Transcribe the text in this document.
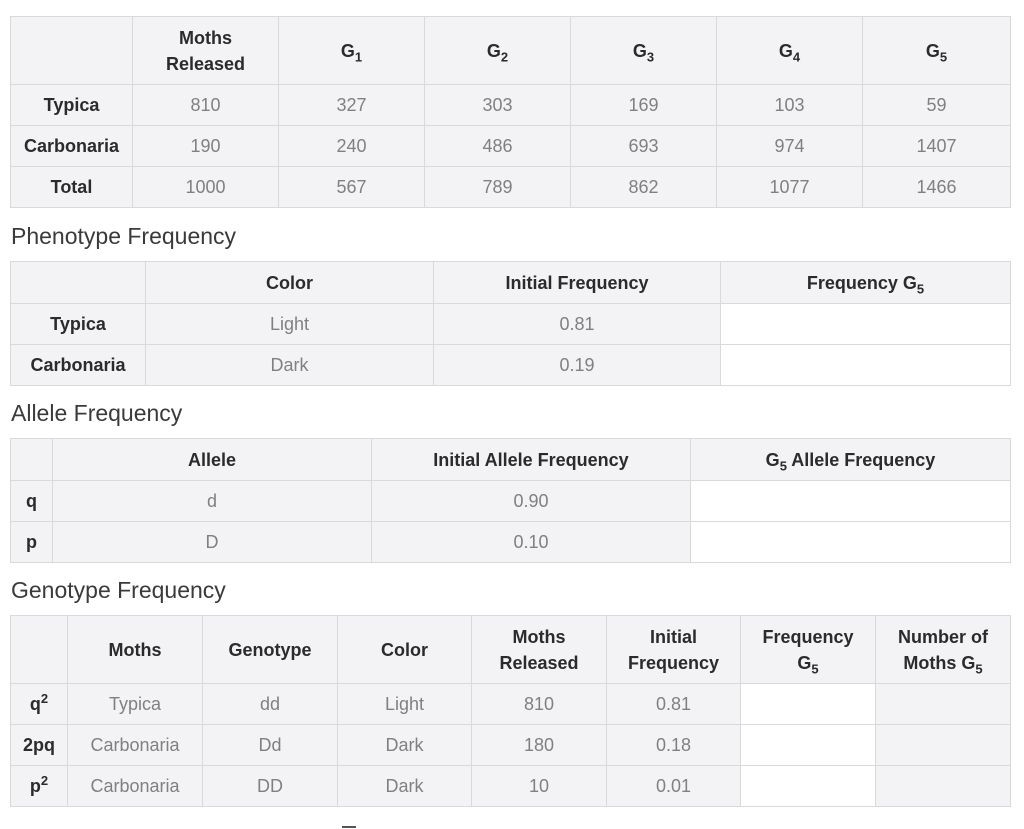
	Moths Released	$G_1$	$G_2$	$G_3$	$G_4$	$G_5$
Typica	810	327	303	169	103	59
Carbonaria	190	240	486	693	974	1407
Total	1000	567	789	862	1077	1466
Phenotype Frequency
	Color	Initial Frequency	Frequency $G_5$
Typica	Light	0.81	
Carbonaria	Dark	0.19	
Allele Frequency
	Allele	Initial Allele Frequency	$G_5$ Allele Frequency
q	d	0.90	
p	D	0.10	
Genotype Frequency
	Moths	Genotype	Color	Moths Released	Initial Frequency	Frequency $G_5$	Number of Moths $G_5$
$q^2$	Typica	dd	Light	810	0.81		
2pq	Carbonaria	Dd	Dark	180	0.18		
$p^2$	Carbonaria	DD	Dark	10	0.01		
